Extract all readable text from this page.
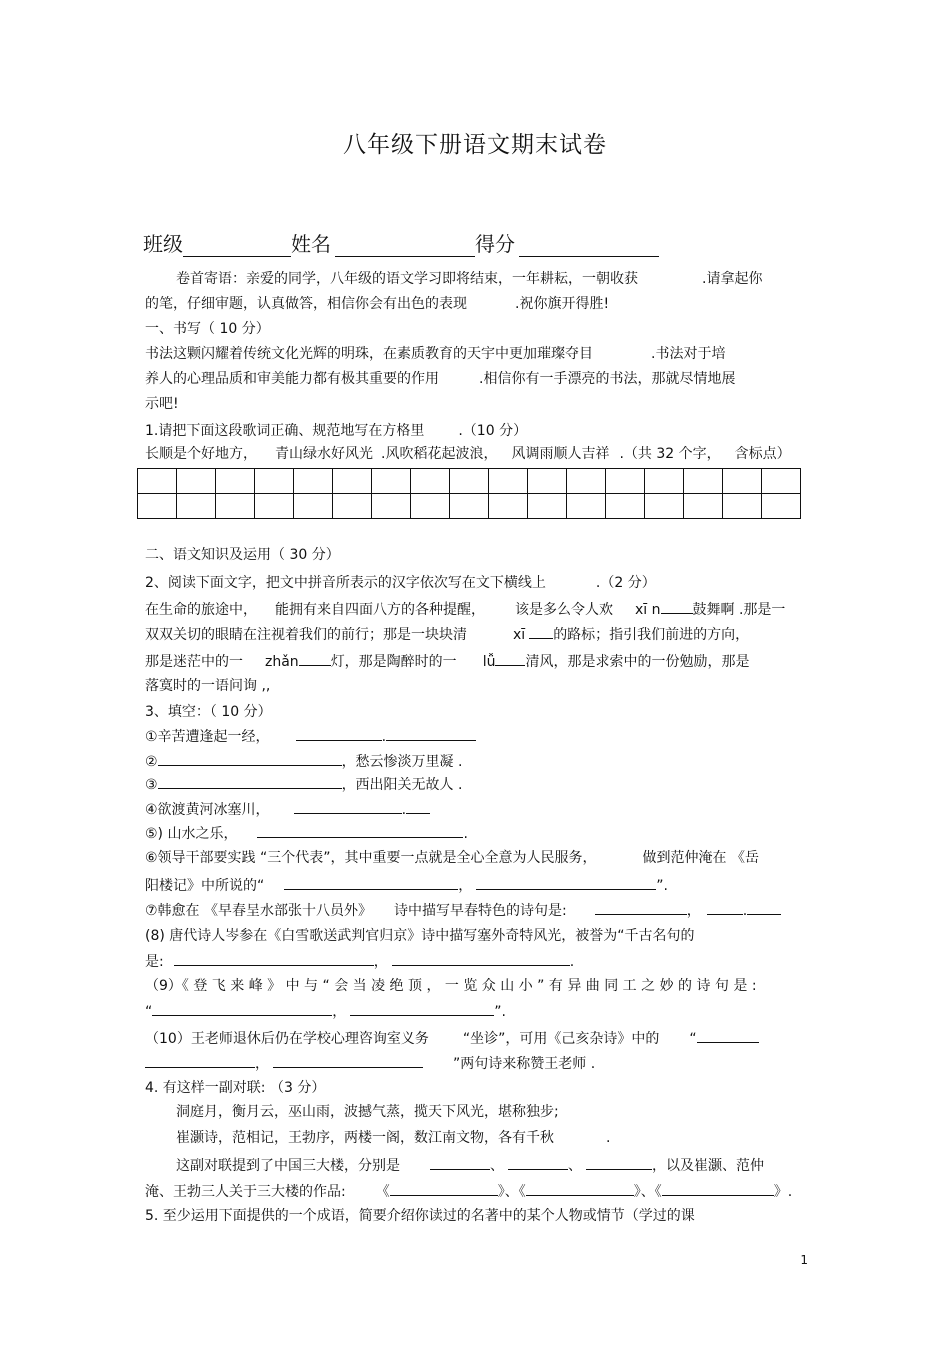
八年级下册语文期末试卷
班级	姓名	得分
卷首寄语：亲爱的同学，八年级的语文学习即将结束，一年耕耘，一朝收获	.请拿起你
的笔，仔细审题，认真做答，相信你会有出色的表现	.祝你旗开得胜!
一、书写（ 10 分）
书法这颗闪耀着传统文化光辉的明珠，在素质教育的天宇中更加璀璨夺目	.书法对于培
养人的心理品质和审美能力都有极其重要的作用	.相信你有一手漂亮的书法，那就尽情地展
示吧!
1.请把下面这段歌词正确、规范地写在方格里 .（10 分）
长顺是个好地方， 青山绿水好风光 .风吹稻花起波浪， 风调雨顺人吉祥 .（共 32 个字， 含标点）

二、语文知识及运用（ 30 分）
2、阅读下面文字，把文中拼音所表示的汉字依次写在文下横线上	.（2 分）
在生命的旅途中， 能拥有来自四面八方的各种提醒， 该是多么令人欢 xī n 鼓舞啊 .那是一
双双关切的眼睛在注视着我们的前行；那是一块块清	xī 的路标；指引我们前进的方向，
那是迷茫中的一 zhǎn 灯，那是陶醉时的一 lǚ 清风，那是求索中的一份勉励，那是
落寞时的一语问询 ,,
3、填空：（ 10 分）
①辛苦遭逢起一经，	.
②	，愁云惨淡万里凝 .
③	，西出阳关无故人 .
④欲渡黄河冰塞川，	.
⑤) 山水之乐，	.
⑥领导干部要实践 “三个代表”，其中重要一点就是全心全意为人民服务，	做到范仲淹在 《岳
阳楼记》中所说的“	，	”.
⑦韩愈在 《早春呈水部张十八员外》 诗中描写早春特色的诗句是:	，	.
(8) 唐代诗人岑参在《白雪歌送武判官归京》诗中描写塞外奇特风光，被誉为“千古名句的
是:	，	.
（9）《 登 飞 来 峰 》 中 与 “ 会 当 凌 绝 顶 ， 一 览 众 山 小 ” 有 异 曲 同 工 之 妙 的 诗 句 是 :
“	，	”.
（10）王老师退休后仍在学校心理咨询室义务 “坐诊”，可用《己亥杂诗》中的 “
，	”两句诗来称赞王老师 .
4. 有这样一副对联: （3 分）
洞庭月，衡月云，巫山雨，波撼气蒸，揽天下风光，堪称独步;
崔灏诗，范相记，王勃序，两楼一阁，数江南文物，各有千秋	.
这副对联提到了中国三大楼，分别是	、	、	，以及崔灏、范仲
淹、王勃三人关于三大楼的作品: 《	》、《	》、《	》.
5. 至少运用下面提供的一个成语，简要介绍你读过的名著中的某个人物或情节（学过的课
1
